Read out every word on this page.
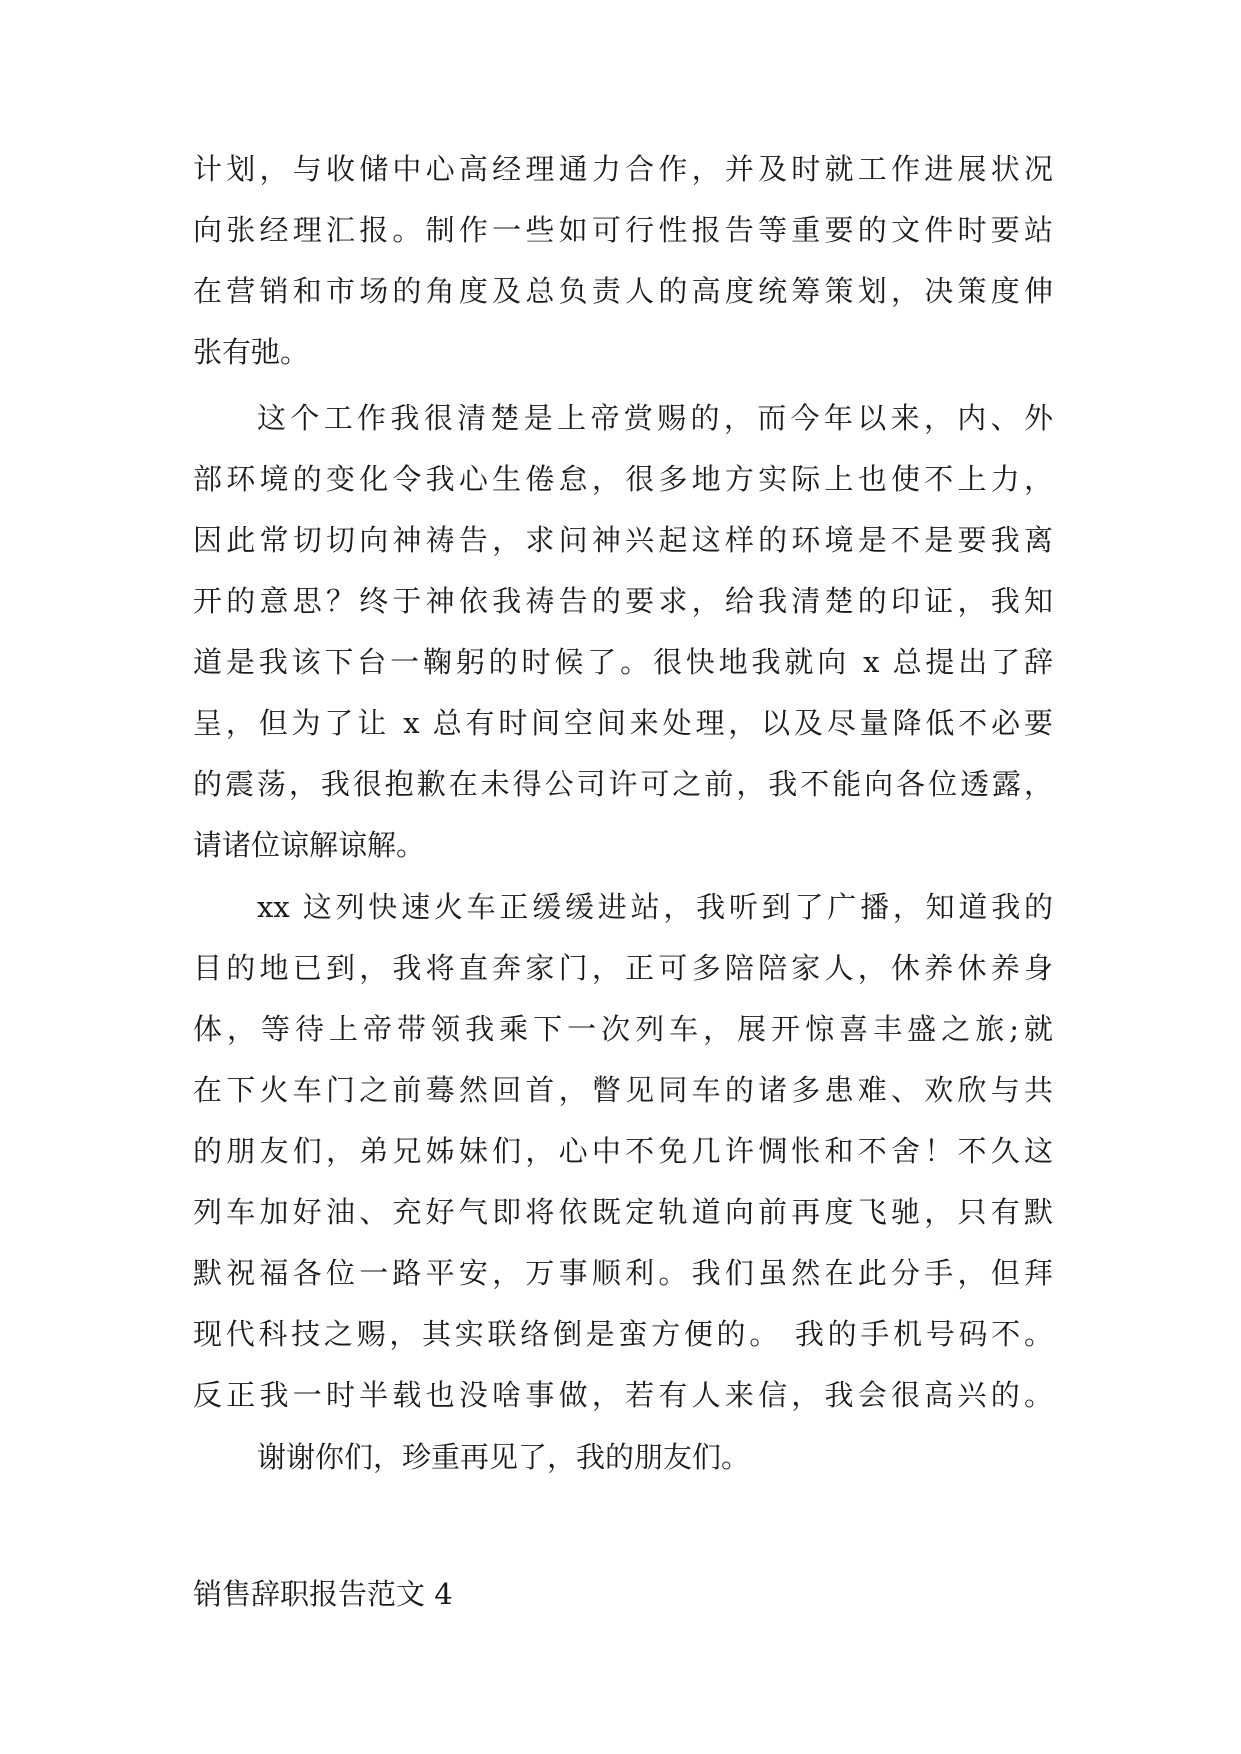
计划，与收储中心高经理通力合作，并及时就工作进展状况
向张经理汇报。制作一些如可行性报告等重要的文件时要站
在营销和市场的角度及总负责人的高度统筹策划，决策度伸
张有弛。
这个工作我很清楚是上帝赏赐的，而今年以来，内、外
部环境的变化令我心生倦怠，很多地方实际上也使不上力，
因此常切切向神祷告，求问神兴起这样的环境是不是要我离
开的意思？终于神依我祷告的要求，给我清楚的印证，我知
道是我该下台一鞠躬的时候了。很快地我就向 x 总提出了辞
呈，但为了让 x 总有时间空间来处理，以及尽量降低不必要
的震荡，我很抱歉在未得公司许可之前，我不能向各位透露，
请诸位谅解谅解。
xx 这列快速火车正缓缓进站，我听到了广播，知道我的
目的地已到，我将直奔家门，正可多陪陪家人，休养休养身
体，等待上帝带领我乘下一次列车，展开惊喜丰盛之旅;就
在下火车门之前蓦然回首，瞥见同车的诸多患难、欢欣与共
的朋友们，弟兄姊妹们，心中不免几许惆怅和不舍！不久这
列车加好油、充好气即将依既定轨道向前再度飞驰，只有默
默祝福各位一路平安，万事顺利。我们虽然在此分手，但拜
现代科技之赐，其实联络倒是蛮方便的。 我的手机号码不。
反正我一时半载也没啥事做，若有人来信，我会很高兴的。
谢谢你们，珍重再见了，我的朋友们。
销售辞职报告范文 4
